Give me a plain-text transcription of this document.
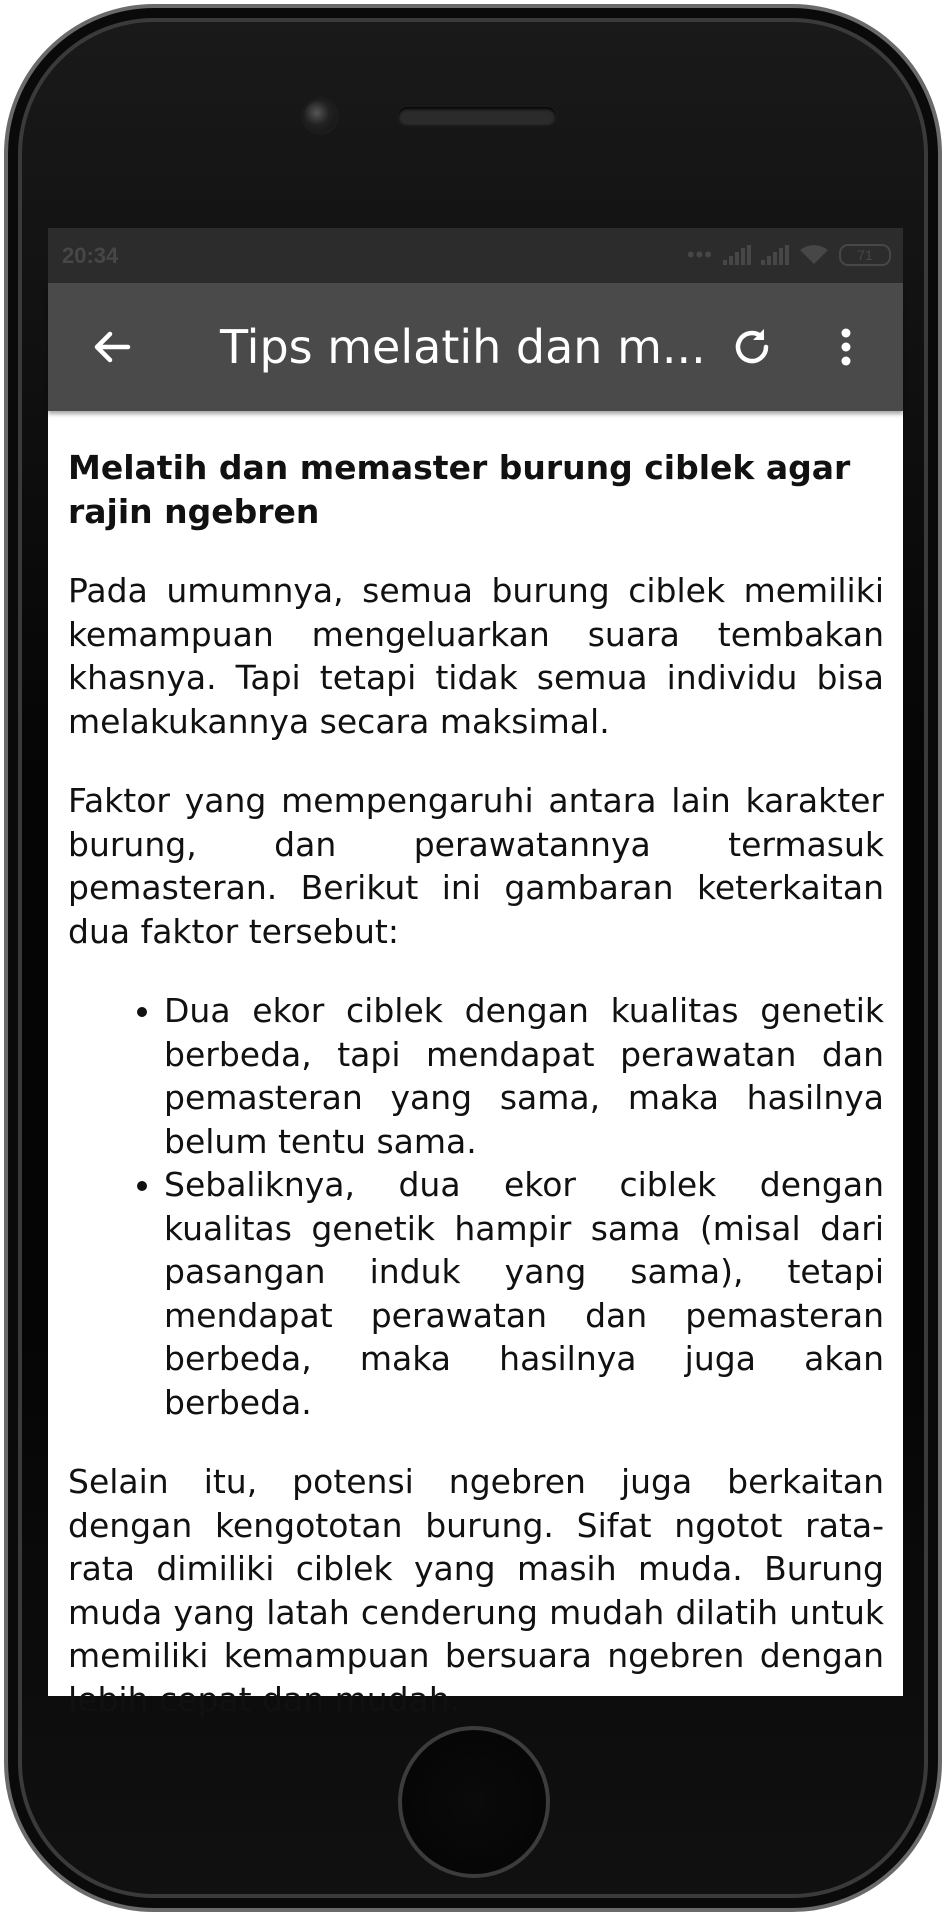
20:34	•••	71
Tips melatih dan m...
Melatih dan memaster burung ciblek agar rajin ngebren

Pada umumnya, semua burung ciblek memiliki kemampuan mengeluarkan suara tembakan khasnya. Tapi tetapi tidak semua individu bisa melakukannya secara maksimal.

Faktor yang mempengaruhi antara lain karakter burung, dan perawatannya termasuk pemasteran. Berikut ini gambaran keterkaitan dua faktor tersebut:

• Dua ekor ciblek dengan kualitas genetik berbeda, tapi mendapat perawatan dan pemasteran yang sama, maka hasilnya belum tentu sama.
• Sebaliknya, dua ekor ciblek dengan kualitas genetik hampir sama (misal dari pasangan induk yang sama), tetapi mendapat perawatan dan pemasteran berbeda, maka hasilnya juga akan berbeda.

Selain itu, potensi ngebren juga berkaitan dengan kengototan burung. Sifat ngotot rata-rata dimiliki ciblek yang masih muda. Burung muda yang latah cenderung mudah dilatih untuk memiliki kemampuan bersuara ngebren dengan lebih cepat dan mudah.
